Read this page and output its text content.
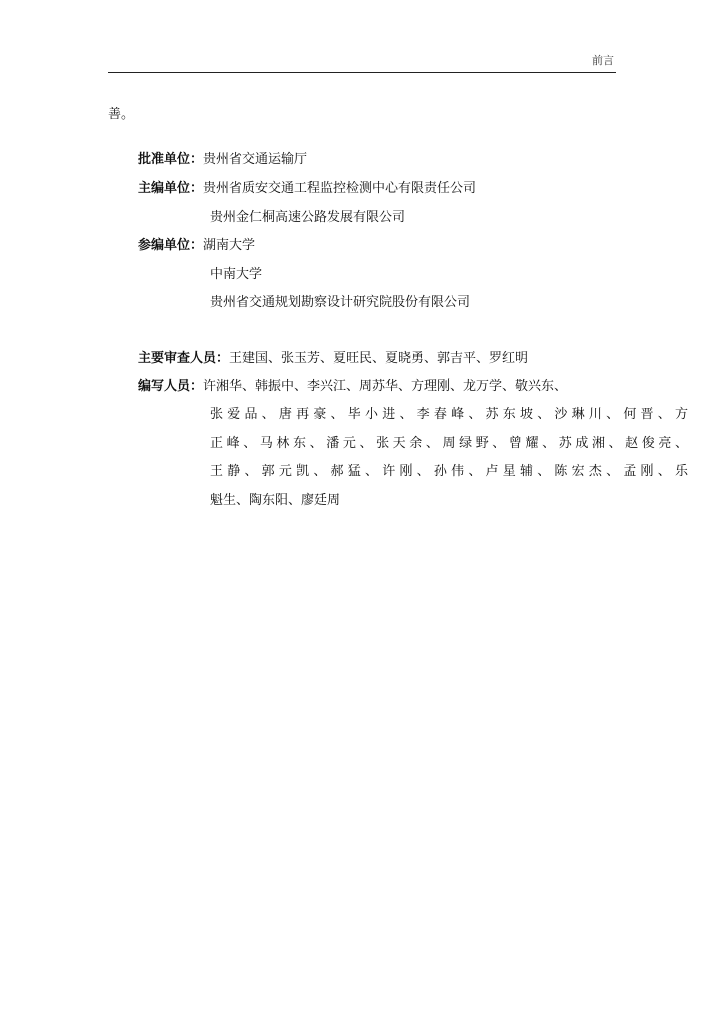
前言
善。
批准单位：贵州省交通运输厅
主编单位：贵州省质安交通工程监控检测中心有限责任公司
贵州金仁桐高速公路发展有限公司
参编单位：湖南大学
中南大学
贵州省交通规划勘察设计研究院股份有限公司
主要审查人员：王建国、张玉芳、夏旺民、夏晓勇、郭吉平、罗红明
编写人员：许湘华、韩振中、李兴江、周苏华、方理刚、龙万学、敬兴东、
张爱品、唐再豪、毕小进、李春峰、苏东坡、沙琳川、何晋、方
正峰、马林东、潘元、张天余、周绿野、曾耀、苏成湘、赵俊亮、
王静、郭元凯、郝猛、许刚、孙伟、卢星辅、陈宏杰、孟刚、乐
魁生、陶东阳、廖廷周
